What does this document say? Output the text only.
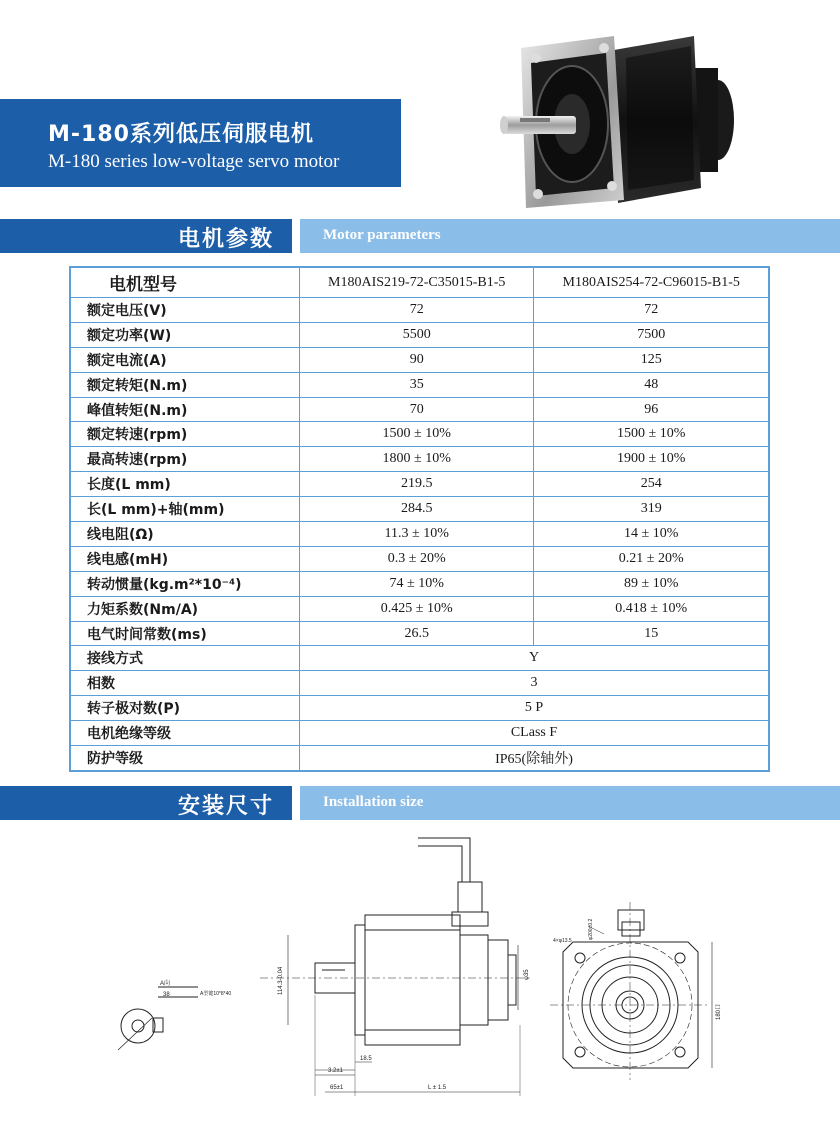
M-180系列低压伺服电机
M-180 series low-voltage servo motor
电机参数	Motor parameters
电机型号	M180AIS219-72-C35015-B1-5	M180AIS254-72-C96015-B1-5
额定电压(V)	72	72
额定功率(W)	5500	7500
额定电流(A)	90	125
额定转矩(N.m)	35	48
峰值转矩(N.m)	70	96
额定转速(rpm)	1500 ± 10%	1500 ± 10%
最高转速(rpm)	1800 ± 10%	1900 ± 10%
长度(L mm)	219.5	254
长(L mm)+轴(mm)	284.5	319
线电阻(Ω)	11.3 ± 10%	14 ± 10%
线电感(mH)	0.3 ± 20%	0.21 ± 20%
转动惯量(kg.m²*10⁻⁴)	74 ± 10%	89 ± 10%
力矩系数(Nm/A)	0.425 ± 10%	0.418 ± 10%
电气时间常数(ms)	26.5	15
接线方式	Y	
相数	3	
转子极对数(P)	5 P	
电机绝缘等级	CLass F	
防护等级	IP65(除轴外)	
安装尺寸	Installation size
A向
38	A型键10*8*40	114.3-0.04	φ35
3.2±1
18.5
65±1	L ± 1.5
180口
φ200±0.2
4×φ13.5
